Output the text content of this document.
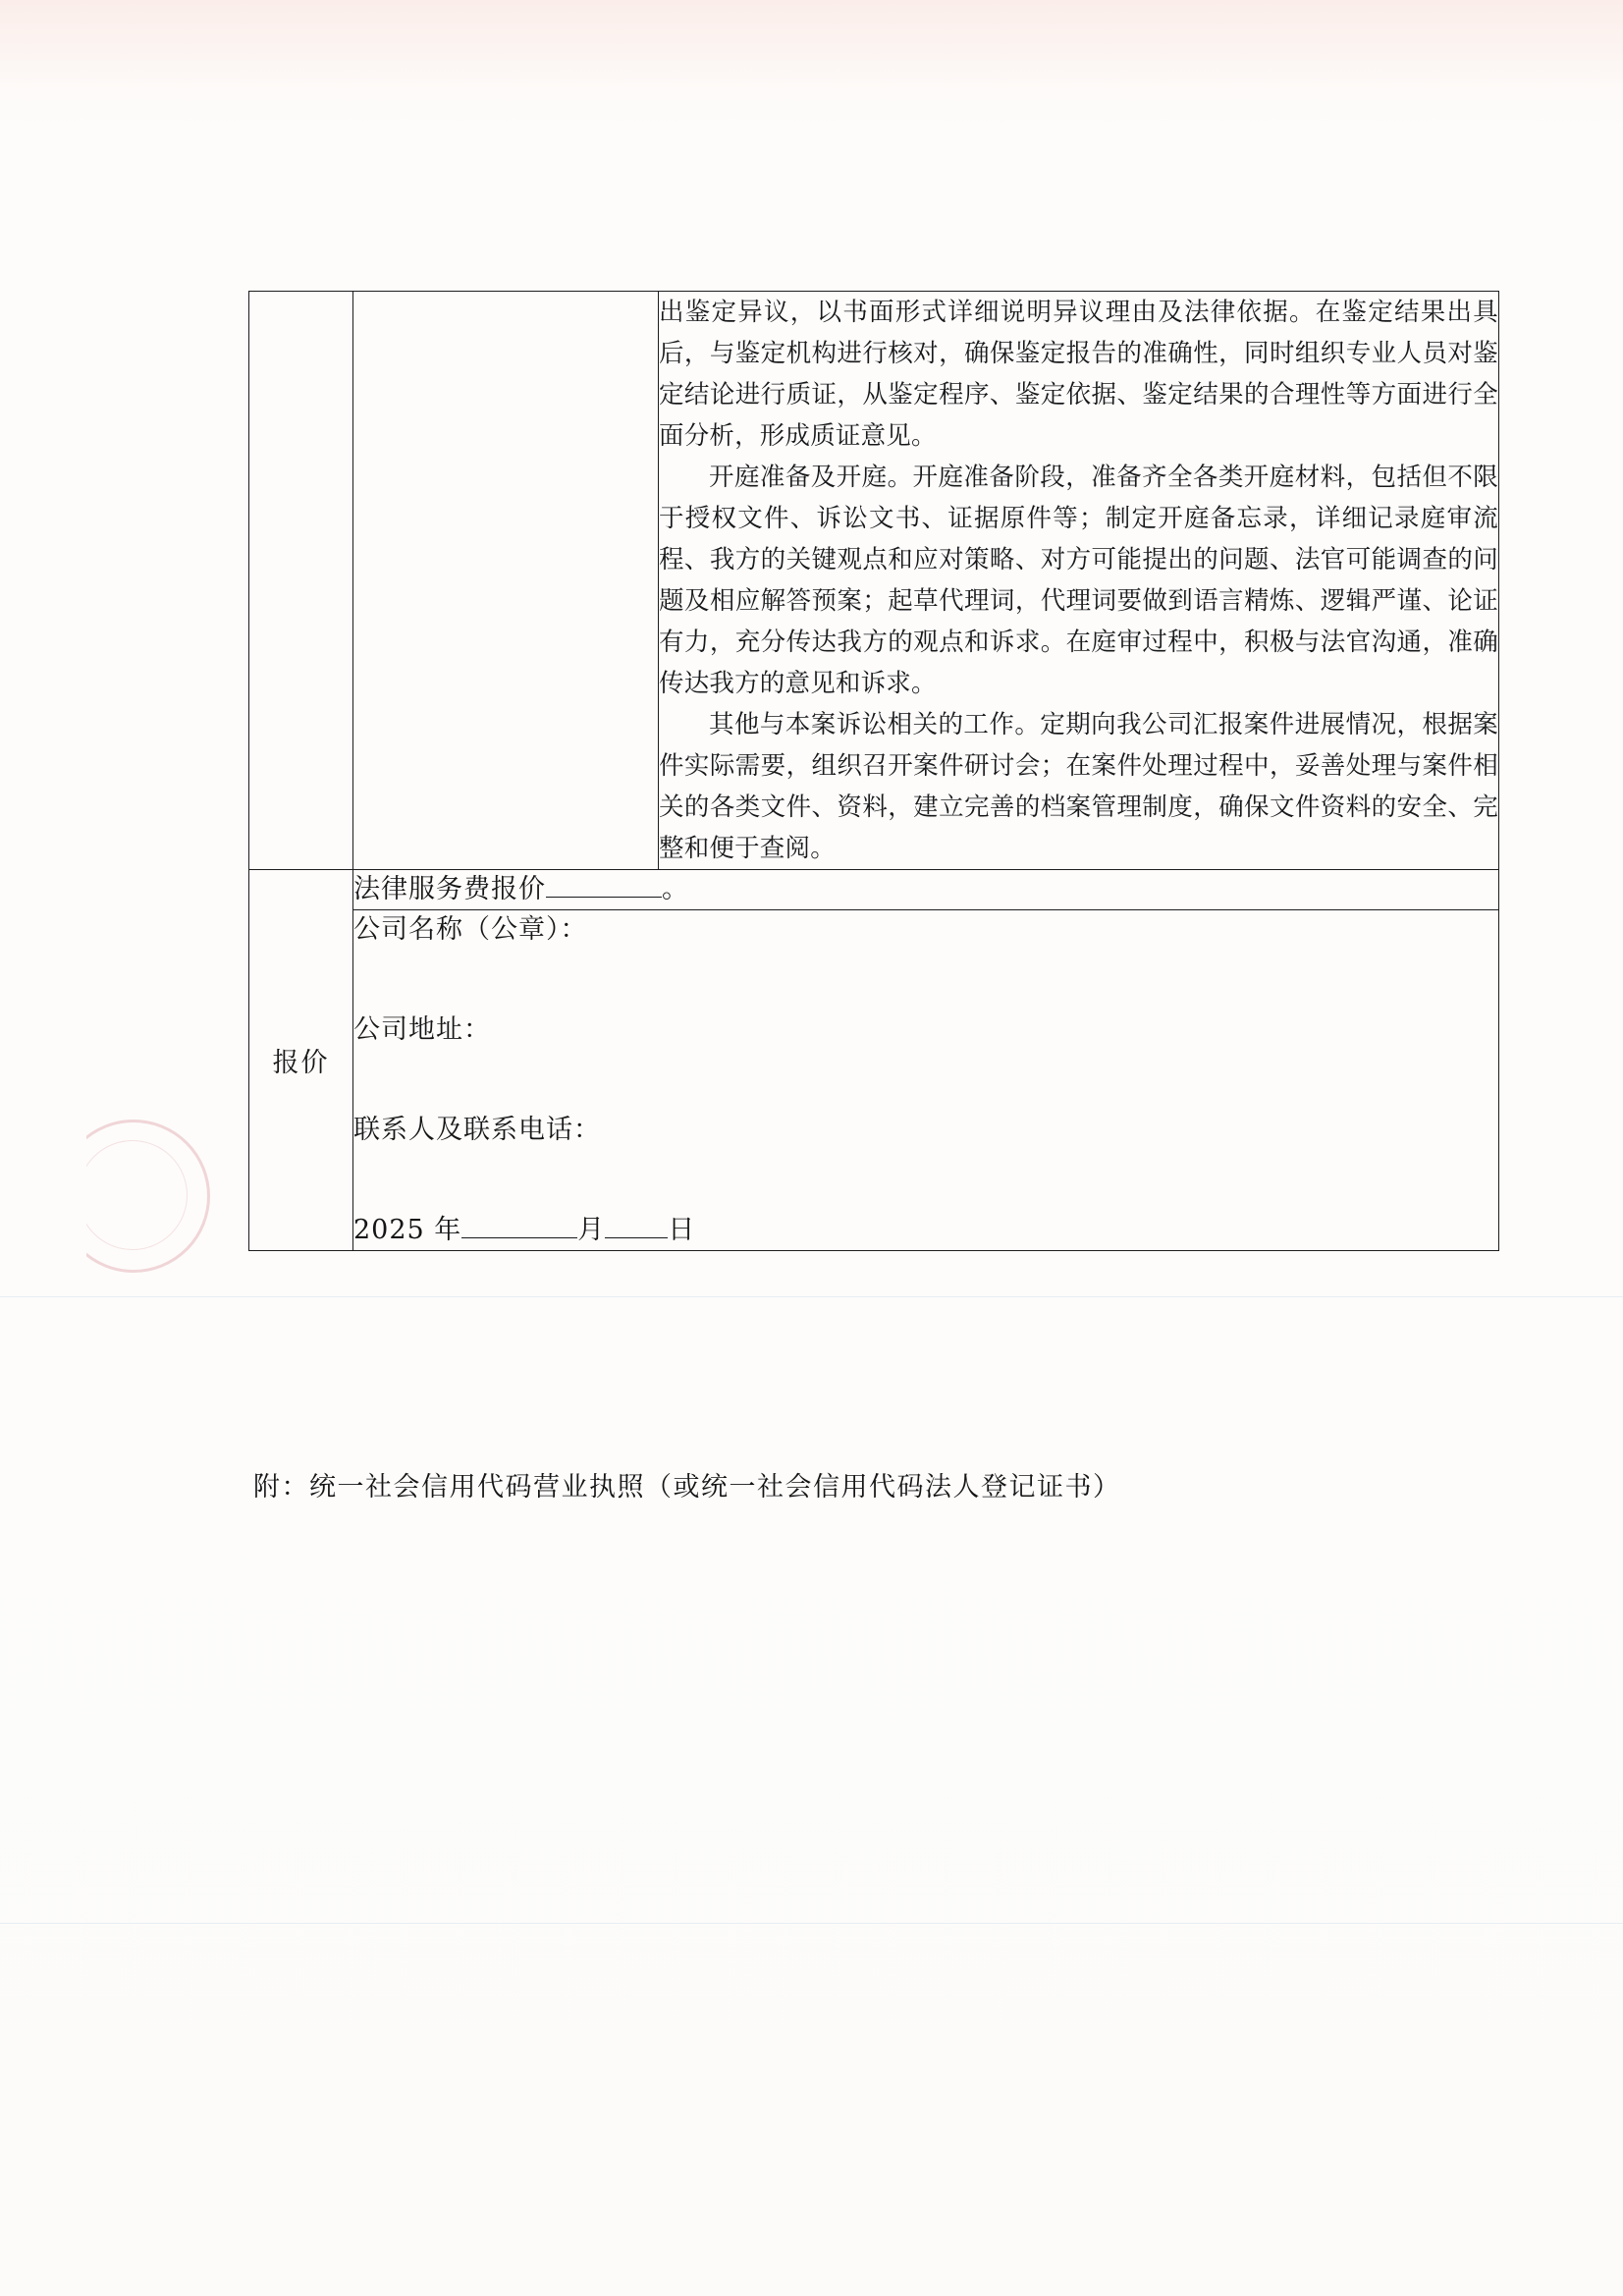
出鉴定异议，以书面形式详细说明异议理由及法律依据。在鉴定结果出具后，与鉴定机构进行核对，确保鉴定报告的准确性，同时组织专业人员对鉴定结论进行质证，从鉴定程序、鉴定依据、鉴定结果的合理性等方面进行全面分析，形成质证意见。

开庭准备及开庭。开庭准备阶段，准备齐全各类开庭材料，包括但不限于授权文件、诉讼文书、证据原件等；制定开庭备忘录，详细记录庭审流程、我方的关键观点和应对策略、对方可能提出的问题、法官可能调查的问题及相应解答预案；起草代理词，代理词要做到语言精炼、逻辑严谨、论证有力，充分传达我方的观点和诉求。在庭审过程中，积极与法官沟通，准确传达我方的意见和诉求。

其他与本案诉讼相关的工作。定期向我公司汇报案件进展情况，根据案件实际需要，组织召开案件研讨会；在案件处理过程中，妥善处理与案件相关的各类文件、资料，建立完善的档案管理制度，确保文件资料的安全、完整和便于查阅。

报价	
法律服务费报价	。

公司名称（公章）：
公司地址：
联系人及联系电话：
2025 年	月 日
附：统一社会信用代码营业执照（或统一社会信用代码法人登记证书）
